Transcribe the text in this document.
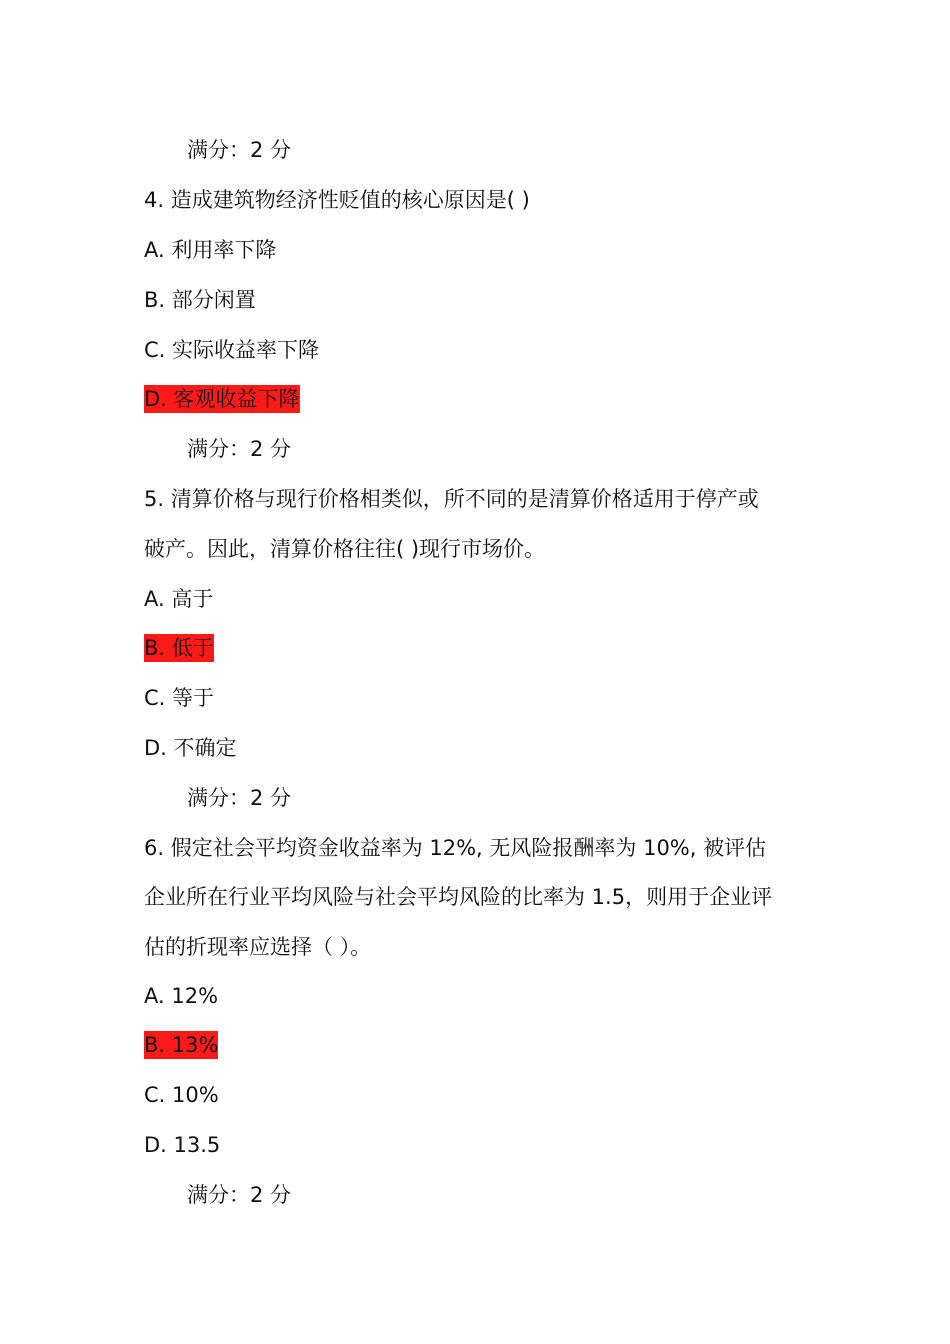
满分：2 分
4. 造成建筑物经济性贬值的核心原因是( )
A. 利用率下降
B. 部分闲置
C. 实际收益率下降
D. 客观收益下降
满分：2 分
5. 清算价格与现行价格相类似，所不同的是清算价格适用于停产或
破产。因此，清算价格往往( )现行市场价。
A. 高于
B. 低于
C. 等于
D. 不确定
满分：2 分
6. 假定社会平均资金收益率为 12%, 无风险报酬率为 10%, 被评估
企业所在行业平均风险与社会平均风险的比率为 1.5，则用于企业评
估的折现率应选择（ ）。
A. 12%
B. 13%
C. 10%
D. 13.5
满分：2 分
